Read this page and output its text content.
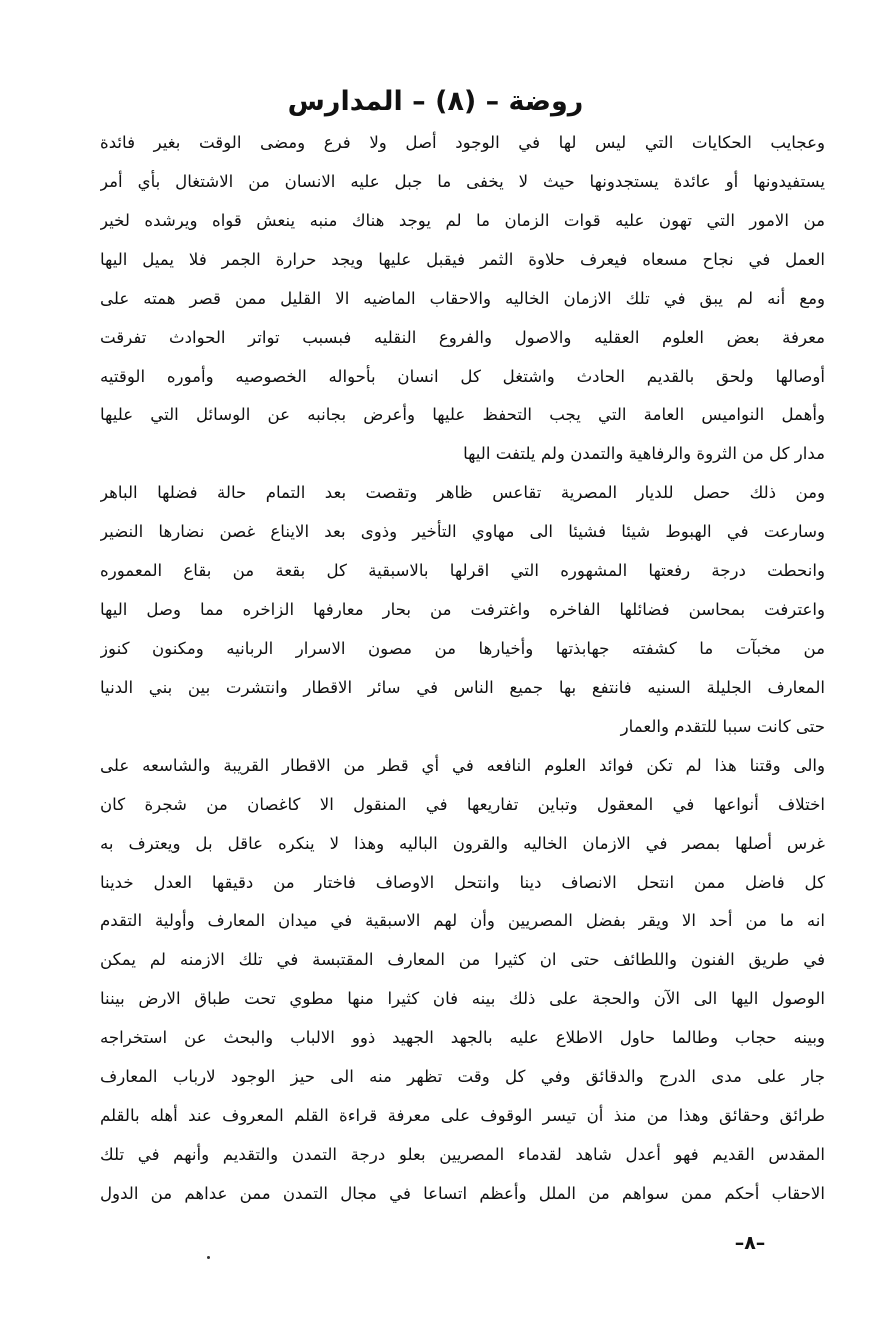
روضة – (٨) – المدارس
وعجايب الحكايات التي ليس لها في الوجود أصل ولا فرع ومضى الوقت بغير فائدة
يستفيدونها أو عائدة يستجدونها حيث لا يخفى ما جبل عليه الانسان من الاشتغال بأي أمر
من الامور التي تهون عليه قوات الزمان ما لم يوجد هناك منبه ينعش قواه ويرشده لخير
العمل في نجاح مسعاه فيعرف حلاوة الثمر فيقبل عليها ويجد حرارة الجمر فلا يميل اليها
ومع أنه لم يبق في تلك الازمان الخاليه والاحقاب الماضيه الا القليل ممن قصر همته على
معرفة بعض العلوم العقليه والاصول والفروع النقليه فبسبب تواتر الحوادث تفرقت
أوصالها ولحق بالقديم الحادث واشتغل كل انسان بأحواله الخصوصيه وأموره الوقتيه
وأهمل النواميس العامة التي يجب التحفظ عليها وأعرض بجانبه عن الوسائل التي عليها
مدار كل من الثروة والرفاهية والتمدن ولم يلتفت اليها
ومن ذلك حصل للديار المصرية تقاعس ظاهر وتقصت بعد التمام حالة فضلها الباهر
وسارعت في الهبوط شيئا فشيئا الى مهاوي التأخير وذوى بعد الايناع غصن نضارها النضير
وانحطت درجة رفعتها المشهوره التي اقرلها بالاسبقية كل بقعة من بقاع المعموره
واعترفت بمحاسن فضائلها الفاخره واغترفت من بحار معارفها الزاخره مما وصل اليها
من مخبآت ما كشفته جهابذتها وأخيارها من مصون الاسرار الربانيه ومكنون كنوز
المعارف الجليلة السنيه فانتفع بها جميع الناس في سائر الاقطار وانتشرت بين بني الدنيا
حتى كانت سببا للتقدم والعمار
والى وقتنا هذا لم تكن فوائد العلوم النافعه في أي قطر من الاقطار القريبة والشاسعه على
اختلاف أنواعها في المعقول وتباين تفاريعها في المنقول الا كاغصان من شجرة كان
غرس أصلها بمصر في الازمان الخاليه والقرون الباليه وهذا لا ينكره عاقل بل ويعترف به
كل فاضل ممن انتحل الانصاف دينا وانتحل الاوصاف فاختار من دقيقها العدل خدينا
انه ما من أحد الا ويقر بفضل المصريين وأن لهم الاسبقية في ميدان المعارف وأولية التقدم
في طريق الفنون واللطائف حتى ان كثيرا من المعارف المقتبسة في تلك الازمنه لم يمكن
الوصول اليها الى الآن والحجة على ذلك بينه فان كثيرا منها مطوي تحت طباق الارض بيننا
وبينه حجاب وطالما حاول الاطلاع عليه بالجهد الجهيد ذوو الالباب والبحث عن استخراجه
جار على مدى الدرج والدقائق وفي كل وقت تظهر منه الى حيز الوجود لارباب المعارف
طرائق وحقائق وهذا من منذ أن تيسر الوقوف على معرفة قراءة القلم المعروف عند أهله بالقلم
المقدس القديم فهو أعدل شاهد لقدماء المصريين بعلو درجة التمدن والتقديم وأنهم في تلك
الاحقاب أحكم ممن سواهم من الملل وأعظم اتساعا في مجال التمدن ممن عداهم من الدول
–٨–
